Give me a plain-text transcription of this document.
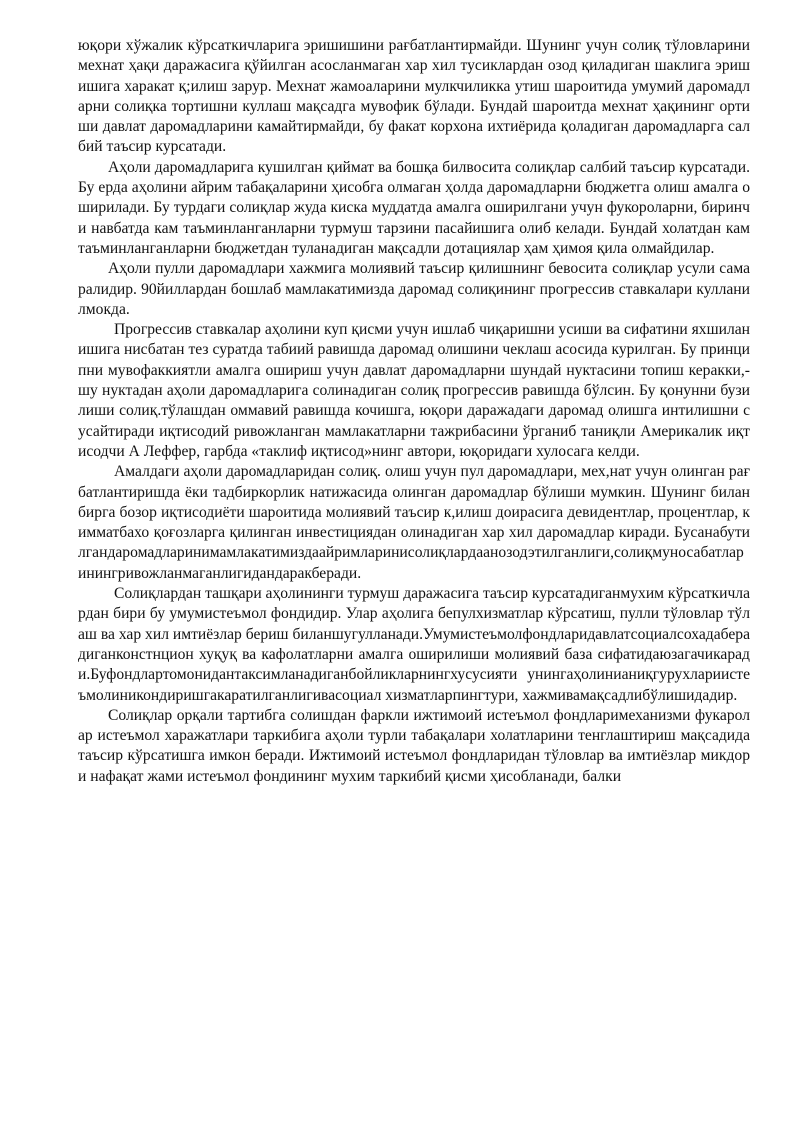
юқори хўжалик кўрсаткичларига эришишини рағбатлантирмайди. Шунинг учун солиқ тўловларини мехнат ҳақи даражасига қўйилган асосланмаган хар хил тусиклардан озод қиладиган шаклига эришишига харакат қ;илиш зарур. Мехнат жамоаларини мулкчиликка утиш шароитида умумий даромадларни солиқка тортишни куллаш мақсадга мувофик бўлади. Бундай шароитда мехнат ҳақининг ортиши давлат даромадларини камайтирмайди, бу факат корхона ихтиёрида қоладиган даромадларга салбий таъсир курсатади.

Аҳоли даромадларига кушилган қиймат ва бошқа билвосита солиқлар салбий таъсир курсатади. Бу ерда аҳолини айрим табақаларини ҳисобга олмаган ҳолда даромадларни бюджетга олиш амалга оширилади. Бу турдаги солиқлар жуда киска муддатда амалга оширилгани учун фукороларни, биринчи навбатда кам таъминланганларни турмуш тарзини пасайишига олиб келади. Бундай холатдан кам таъминланганларни бюджетдан туланадиган мақсадли дотациялар ҳам ҳимоя қила олмайдилар.

Аҳоли пулли даромадлари хажмига молиявий таъсир қилишнинг бевосита солиқлар усули самаралидир. 90йиллардан бошлаб мамлакатимизда даромад солиқининг прогрессив ставкалари кулланилмокда.

Прогрессив ставкалар аҳолини куп қисми учун ишлаб чиқаришни усиши ва сифатини яхшиланишига нисбатан тез суратда табиий равишда даромад олишини чеклаш асосида курилган. Бу принципни мувофаккиятли амалга ошириш учун давлат даромадларни шундай нуктасини топиш керакки,- шу нуктадан аҳоли даромадларига солинадиган солиқ прогрессив равишда бўлсин. Бу қонунни бузилиши солиқ.тўлашдан оммавий равишда кочишга, юқори даражадаги даромад олишга интилишни сусайтиради иқтисодий ривожланган мамлакатларни тажрибасини ўрганиб таниқли Америкалик иқтисодчи А Леффер, гарбда «таклиф иқтисод»нинг автори, юқоридаги хулосага келди.

Амалдаги аҳоли даромадларидан солиқ. олиш учун пул даромадлари, мех,нат учун олинган рағбатлантиришда ёки тадбиркорлик натижасида олинган даромадлар бўлиши мумкин. Шунинг билан бирга бозор иқтисодиёти шароитида молиявий таъсир к,илиш доирасига девидентлар, процентлар, кимматбахо қоғозларга қилинган инвестициядан олинадиган хар хил даромадлар киради. Бусанабутилгандаромадларинимамлакатимиздаайримларинисолиқлардаанозодэтилганлиги,солиқмуносабатларинингривожланмаганлигидандаракберади.

Солиқлардан ташқари аҳолининги турмуш даражасига таъсир курсатадиганмухим кўрсаткичлардан бири бу умумистеъмол фондидир. Улар аҳолига бепулхизматлар кўрсатиш, пулли тўловлар тўлаш ва хар хил имтиёзлар бериш биланшугулланади.Умумистеъмолфондларидавлатсоциалсохадаберадиганконстнцион хуқуқ ва кафолатларни амалга оширилиши молиявий база сифатидаюзагачикаради.Буфондлартомонидантаксимланадиганбойликларнингхусусияти унингаҳолинианиқгурухлариистеъмолиникондиришгакаратилганлигивасоциал хизматларпингтури, хажмивамақсадлибўлишидадир.

Солиқлар орқали тартибга солишдан фаркли ижтимоий истеъмол фондларимеханизми фукаролар истеъмол харажатлари таркибига аҳоли турли табақалари холатларини тенглаштириш мақсадида таъсир кўрсатишга имкон беради. Ижтимоий истеъмол фондларидан тўловлар ва имтиёзлар микдори нафақат жами истеъмол фондининг мухим таркибий қисми ҳисобланади, балки
